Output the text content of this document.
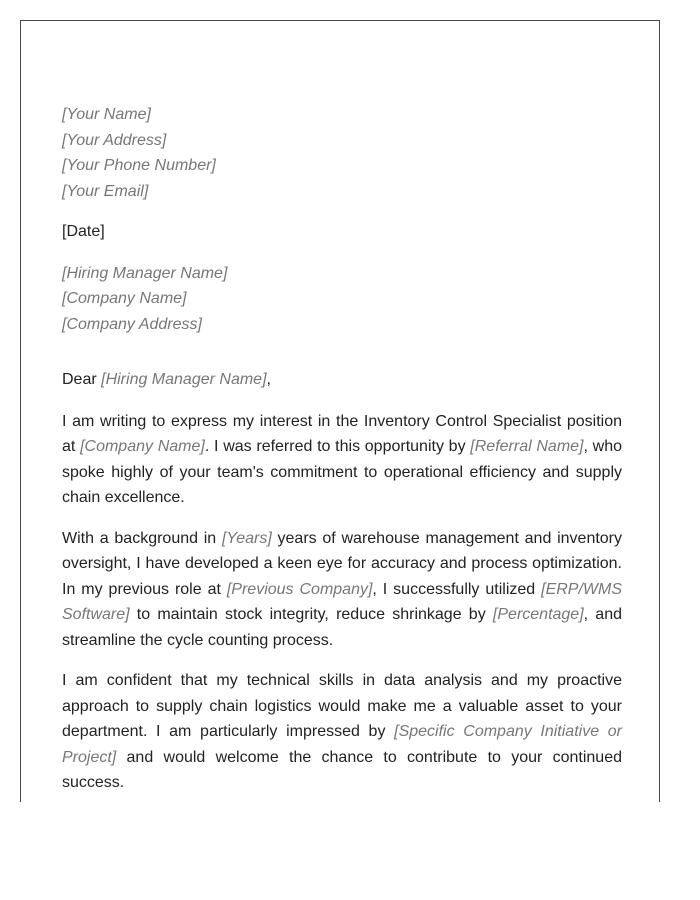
[Your Name]

[Your Address]

[Your Phone Number]

[Your Email]

[Date]

[Hiring Manager Name]

[Company Name]

[Company Address]

Dear [Hiring Manager Name],

I am writing to express my interest in the Inventory Control Specialist position at [Company Name]. I was referred to this opportunity by [Referral Name], who spoke highly of your team's commitment to operational efficiency and supply chain excellence.

With a background in [Years] years of warehouse management and inventory oversight, I have developed a keen eye for accuracy and process optimization. In my previous role at [Previous Company], I successfully utilized [ERP/WMS Software] to maintain stock integrity, reduce shrinkage by [Percentage], and streamline the cycle counting process.

I am confident that my technical skills in data analysis and my proactive approach to supply chain logistics would make me a valuable asset to your department. I am particularly impressed by [Specific Company Initiative or Project] and would welcome the chance to contribute to your continued success.
